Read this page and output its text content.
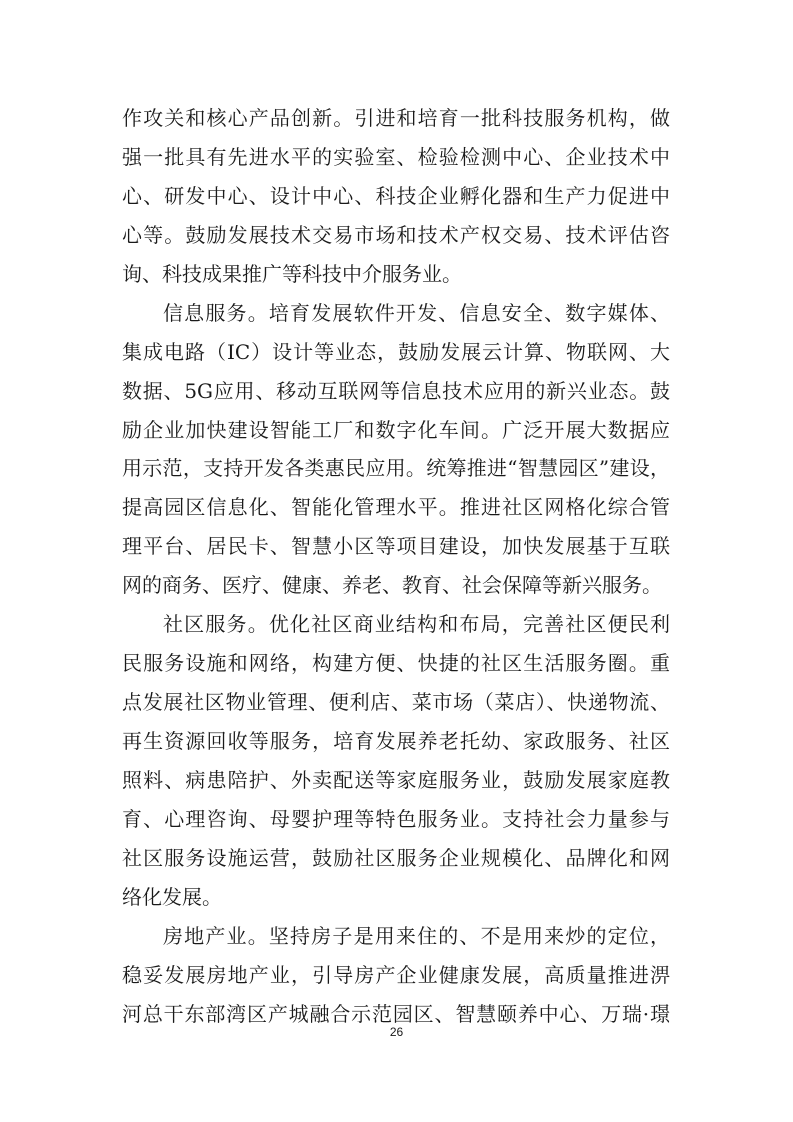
作攻关和核心产品创新。引进和培育一批科技服务机构，做
强一批具有先进水平的实验室、检验检测中心、企业技术中
心、研发中心、设计中心、科技企业孵化器和生产力促进中
心等。鼓励发展技术交易市场和技术产权交易、技术评估咨
询、科技成果推广等科技中介服务业。
信息服务。培育发展软件开发、信息安全、数字媒体、
集成电路（IC）设计等业态，鼓励发展云计算、物联网、大
数据、5G应用、移动互联网等信息技术应用的新兴业态。鼓
励企业加快建设智能工厂和数字化车间。广泛开展大数据应
用示范，支持开发各类惠民应用。统筹推进“智慧园区”建设，
提高园区信息化、智能化管理水平。推进社区网格化综合管
理平台、居民卡、智慧小区等项目建设，加快发展基于互联
网的商务、医疗、健康、养老、教育、社会保障等新兴服务。
社区服务。优化社区商业结构和布局，完善社区便民利
民服务设施和网络，构建方便、快捷的社区生活服务圈。重
点发展社区物业管理、便利店、菜市场（菜店）、快递物流、
再生资源回收等服务，培育发展养老托幼、家政服务、社区
照料、病患陪护、外卖配送等家庭服务业，鼓励发展家庭教
育、心理咨询、母婴护理等特色服务业。支持社会力量参与
社区服务设施运营，鼓励社区服务企业规模化、品牌化和网
络化发展。
房地产业。坚持房子是用来住的、不是用来炒的定位，
稳妥发展房地产业，引导房产企业健康发展，高质量推进淠
河总干东部湾区产城融合示范园区、智慧颐养中心、万瑞·璟
26
